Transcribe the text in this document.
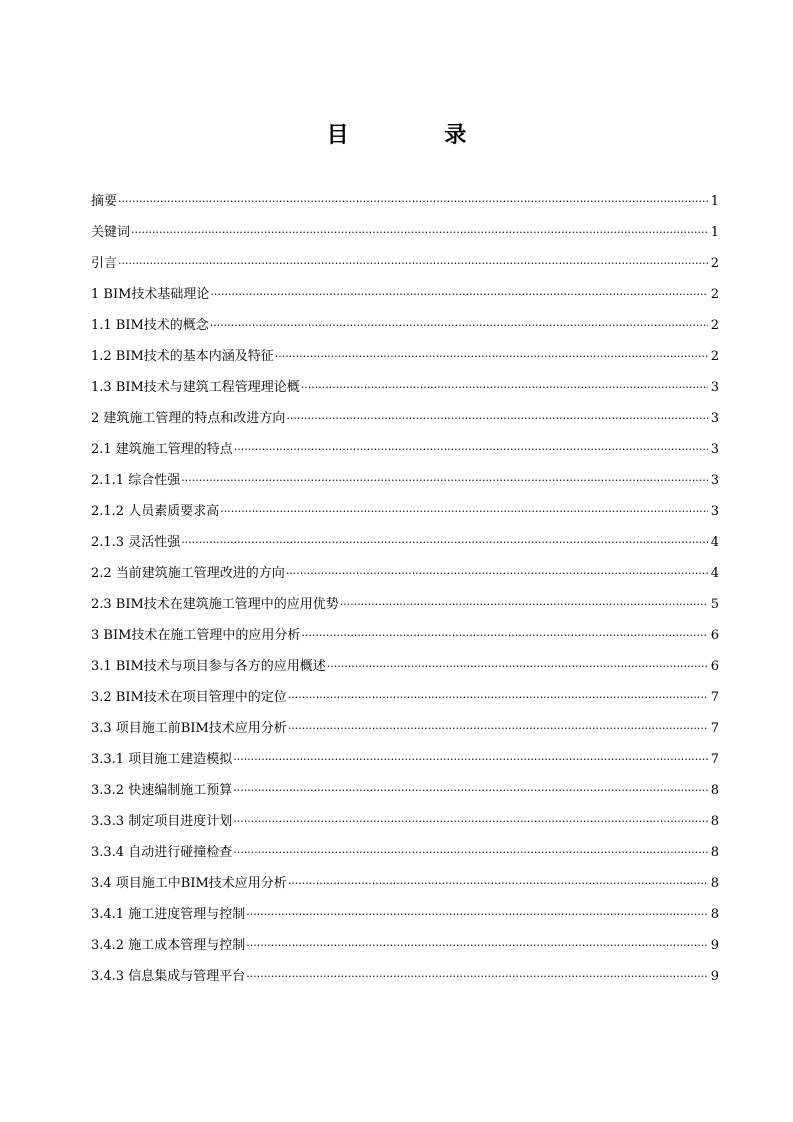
目 录
摘要 ·····	1
关键词 ·····	1
引言 ·····	2
1 BIM技术基础理论 ·····	2
1.1 BIM技术的概念 ·····	2
1.2 BIM技术的基本内涵及特征 ·····	2
1.3 BIM技术与建筑工程管理理论概 ·····	3
2 建筑施工管理的特点和改进方向 ·····	3
2.1 建筑施工管理的特点 ·····	3
2.1.1 综合性强 ·····	3
2.1.2 人员素质要求高 ·····	3
2.1.3 灵活性强 ·····	4
2.2 当前建筑施工管理改进的方向 ·····	4
2.3 BIM技术在建筑施工管理中的应用优势 ·····	5
3 BIM技术在施工管理中的应用分析 ·····	6
3.1 BIM技术与项目参与各方的应用概述 ·····	6
3.2 BIM技术在项目管理中的定位 ·····	7
3.3 项目施工前BIM技术应用分析 ·····	7
3.3.1 项目施工建造模拟 ·····	7
3.3.2 快速编制施工预算 ·····	8
3.3.3 制定项目进度计划 ·····	8
3.3.4 自动进行碰撞检查 ·····	8
3.4 项目施工中BIM技术应用分析 ·····	8
3.4.1 施工进度管理与控制 ·····	8
3.4.2 施工成本管理与控制 ·····	9
3.4.3 信息集成与管理平台 ·····	9
